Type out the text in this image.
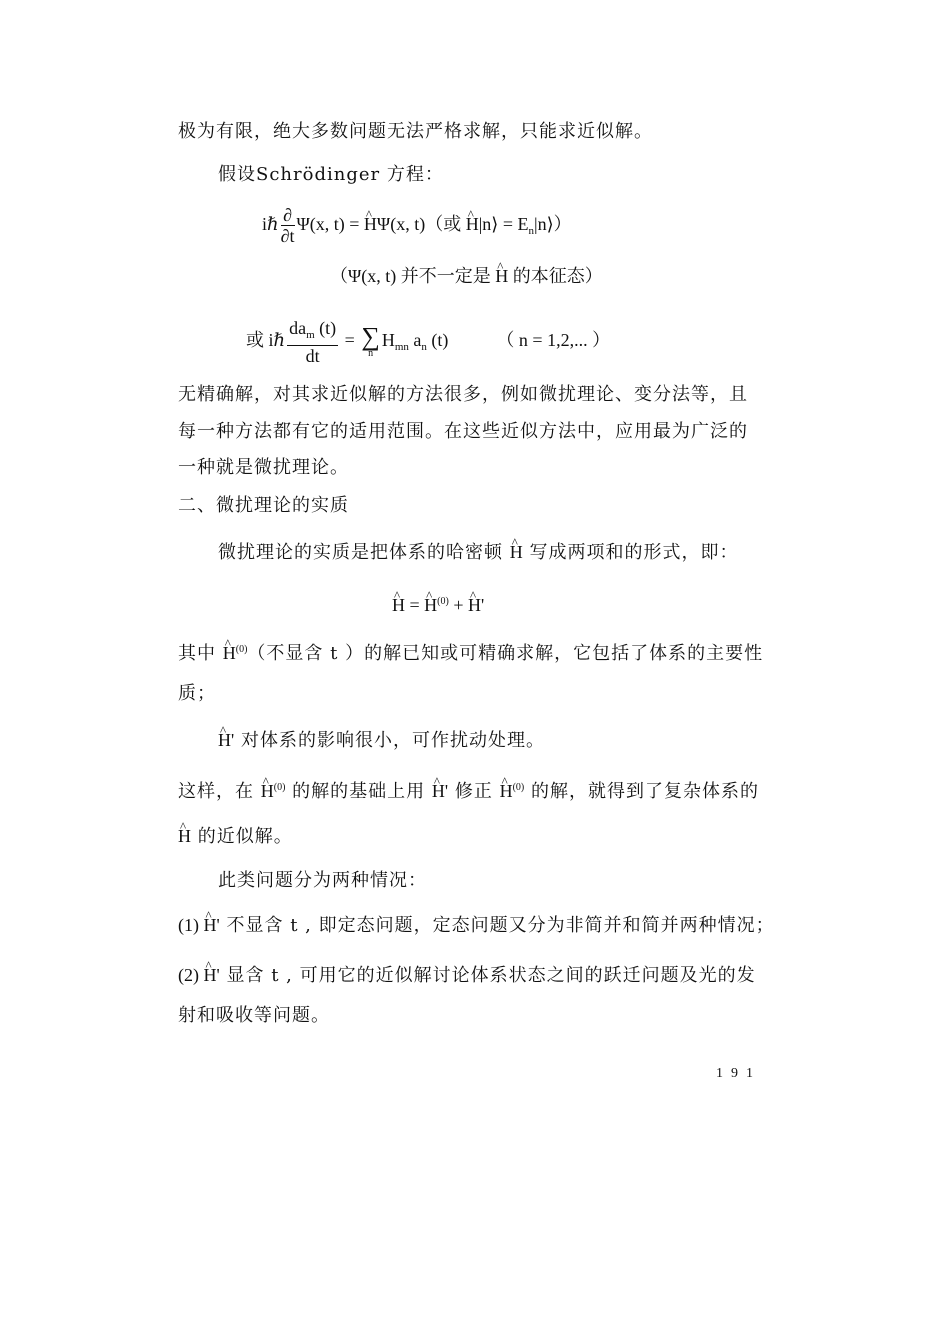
极为有限，绝大多数问题无法严格求解，只能求近似解。
假设Schrödinger 方程：
iℏ $\frac{\partial}{\partial t} \Psi(x$, t) = ^ HΨ(x, t)（或 ^ H|n⟩ = $E_n|n⟩$）
（Ψ(x, t) 并不一定是 ^ H 的本征态）
或 iℏ $\frac{da_m (t)}{dt}$ = ∑
n
$H_{mn}$ $a_n$ (t)	（ n = 1,2,... ）
无精确解，对其求近似解的方法很多，例如微扰理论、变分法等，且
每一种方法都有它的适用范围。在这些近似方法中，应用最为广泛的
一种就是微扰理论。
二、微扰理论的实质
微扰理论的实质是把体系的哈密顿 ^ H 写成两项和的形式，即：
^ H = ^ $H^{(0)}$ + ^ H'
其中 ^ $H^{(0)}$（不显含 t ）的解已知或可精确求解，它包括了体系的主要性
质；
^ H' 对体系的影响很小，可作扰动处理。
这样，在 ^ $H^{(0)}$ 的解的基础上用 ^ H' 修正 ^ $H^{(0)}$ 的解，就得到了复杂体系的
^ H 的近似解。
此类问题分为两种情况：
(1) ^ H' 不显含 t , 即定态问题，定态问题又分为非简并和简并两种情况；
(2) ^ H' 显含 t , 可用它的近似解讨论体系状态之间的跃迁问题及光的发
射和吸收等问题。
191
